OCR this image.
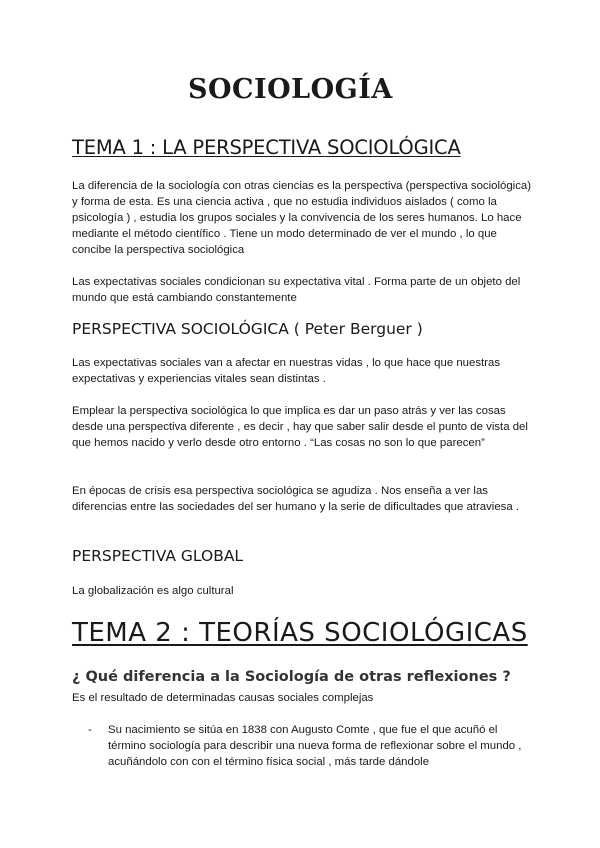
SOCIOLOGÍA
TEMA 1 : LA PERSPECTIVA SOCIOLÓGICA

La diferencia de la sociología con otras ciencias es la perspectiva (perspectiva sociológica) y forma de esta. Es una ciencia activa , que no estudia individuos aislados ( como la psicología ) , estudia los grupos sociales y la convivencia de los seres humanos. Lo hace mediante el método científico . Tiene un modo determinado de ver el mundo , lo que concibe la perspectiva sociológica

Las expectativas sociales condicionan su expectativa vital . Forma parte de un objeto del mundo que está cambiando constantemente

PERSPECTIVA SOCIOLÓGICA ( Peter Berguer )

Las expectativas sociales van a afectar en nuestras vidas , lo que hace que nuestras expectativas y experiencias vitales sean distintas .

Emplear la perspectiva sociológica lo que implica es dar un paso atrás y ver las cosas desde una perspectiva diferente , es decir , hay que saber salir desde el punto de vista del que hemos nacido y verlo desde otro entorno . “Las cosas no son lo que parecen”

En épocas de crisis esa perspectiva sociológica se agudiza . Nos enseña a ver las diferencias entre las sociedades del ser humano y la serie de dificultades que atraviesa .

PERSPECTIVA GLOBAL

La globalización es algo cultural

TEMA 2 : TEORÍAS SOCIOLÓGICAS
¿ Qué diferencia a la Sociología de otras reflexiones ?

Es el resultado de determinadas causas sociales complejas

- Su nacimiento se sitúa en 1838 con Augusto Comte , que fue el que acuñó el término sociología para describir una nueva forma de reflexionar sobre el mundo , acuñándolo con con el término física social , más tarde dándole
